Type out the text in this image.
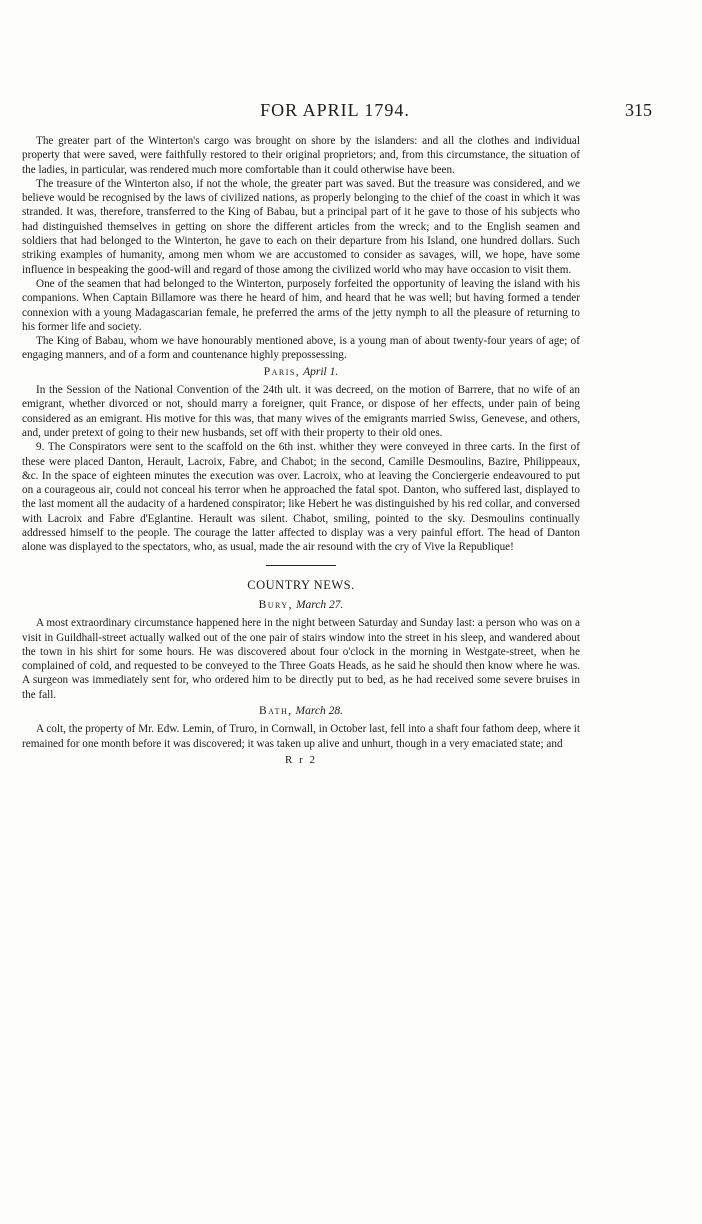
FOR APRIL 1794.	315

The greater part of the Winterton's cargo was brought on shore by the islanders: and all the clothes and individual property that were saved, were faithfully restored to their original proprietors; and, from this circumstance, the situation of the ladies, in particular, was rendered much more comfortable than it could otherwise have been.

The treasure of the Winterton also, if not the whole, the greater part was saved. But the treasure was considered, and we believe would be recognised by the laws of civilized nations, as properly belonging to the chief of the coast in which it was stranded. It was, therefore, transferred to the King of Babau, but a principal part of it he gave to those of his subjects who had distinguished themselves in getting on shore the different articles from the wreck; and to the English seamen and soldiers that had belonged to the Winterton, he gave to each on their departure from his Island, one hundred dollars. Such striking examples of humanity, among men whom we are accustomed to consider as savages, will, we hope, have some influence in bespeaking the good-will and regard of those among the civilized world who may have occasion to visit them.

One of the seamen that had belonged to the Winterton, purposely forfeited the opportunity of leaving the island with his companions. When Captain Billamore was there he heard of him, and heard that he was well; but having formed a tender connexion with a young Madagascarian female, he preferred the arms of the jetty nymph to all the pleasure of returning to his former life and society.

The King of Babau, whom we have honourably mentioned above, is a young man of about twenty-four years of age; of engaging manners, and of a form and countenance highly prepossessing.

Paris, April 1.

In the Session of the National Convention of the 24th ult. it was decreed, on the motion of Barrere, that no wife of an emigrant, whether divorced or not, should marry a foreigner, quit France, or dispose of her effects, under pain of being considered as an emigrant. His motive for this was, that many wives of the emigrants married Swiss, Genevese, and others, and, under pretext of going to their new husbands, set off with their property to their old ones.

9. The Conspirators were sent to the scaffold on the 6th inst. whither they were conveyed in three carts. In the first of these were placed Danton, Herault, Lacroix, Fabre, and Chabot; in the second, Camille Desmoulins, Bazire, Philippeaux, &c. In the space of eighteen minutes the execution was over. Lacroix, who at leaving the Conciergerie endeavoured to put on a courageous air, could not conceal his terror when he approached the fatal spot. Danton, who suffered last, displayed to the last moment all the audacity of a hardened conspirator; like Hebert he was distinguished by his red collar, and conversed with Lacroix and Fabre d'Eglantine. Herault was silent. Chabot, smiling, pointed to the sky. Desmoulins continually addressed himself to the people. The courage the latter affected to display was a very painful effort. The head of Danton alone was displayed to the spectators, who, as usual, made the air resound with the cry of Vive la Republique!

COUNTRY NEWS.
Bury, March 27.

A most extraordinary circumstance happened here in the night between Saturday and Sunday last: a person who was on a visit in Guildhall-street actually walked out of the one pair of stairs window into the street in his sleep, and wandered about the town in his shirt for some hours. He was discovered about four o'clock in the morning in Westgate-street, when he complained of cold, and requested to be conveyed to the Three Goats Heads, as he said he should then know where he was. A surgeon was immediately sent for, who ordered him to be directly put to bed, as he had received some severe bruises in the fall.

Bath, March 28.

A colt, the property of Mr. Edw. Lemin, of Truro, in Cornwall, in October last, fell into a shaft four fathom deep, where it remained for one month before it was discovered; it was taken up alive and unhurt, though in a very emaciated state; and

R r 2
